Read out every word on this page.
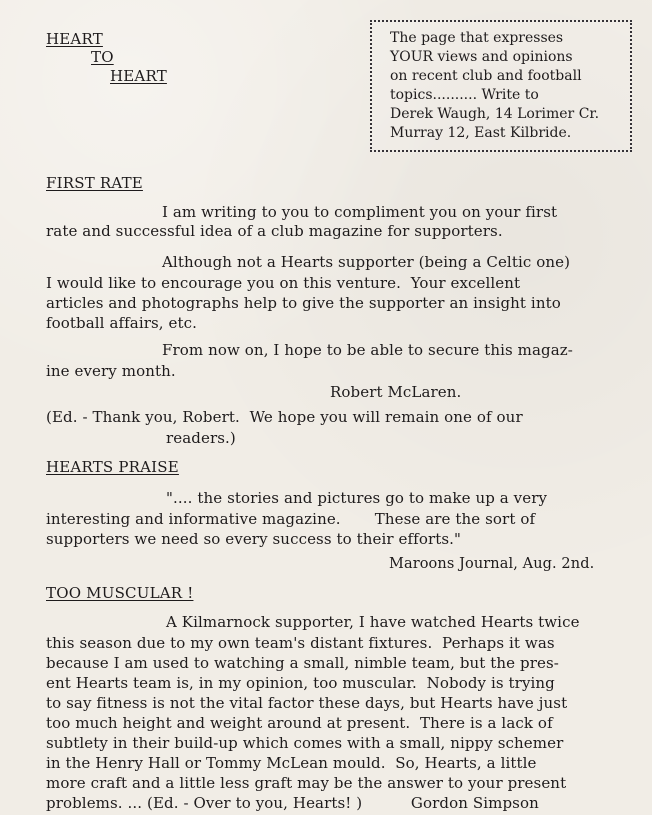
HEART
TO
HEART
The page that expresses
YOUR views and opinions
on recent club and football
topics.......... Write to
Derek Waugh, 14 Lorimer Cr.
Murray 12, East Kilbride.
FIRST RATE
I am writing to you to compliment you on your first
rate and successful idea of a club magazine for supporters.
Although not a Hearts supporter (being a Celtic one)
I would like to encourage you on this venture.  Your excellent
articles and photographs help to give the supporter an insight into
football affairs, etc.
From now on, I hope to be able to secure this magaz-
ine every month.
Robert McLaren.
(Ed. - Thank you, Robert.  We hope you will remain one of our
readers.)
HEARTS PRAISE
".... the stories and pictures go to make up a very
interesting and informative magazine.       These are the sort of
supporters we need so every success to their efforts."
Maroons Journal, Aug. 2nd.
TOO MUSCULAR !
A Kilmarnock supporter, I have watched Hearts twice
this season due to my own team's distant fixtures.  Perhaps it was
because I am used to watching a small, nimble team, but the pres-
ent Hearts team is, in my opinion, too muscular.  Nobody is trying
to say fitness is not the vital factor these days, but Hearts have just
too much height and weight around at present.  There is a lack of
subtlety in their build-up which comes with a small, nippy schemer
in the Henry Hall or Tommy McLean mould.  So, Hearts, a little
more craft and a little less graft may be the answer to your present
problems. ... (Ed. - Over to you, Hearts! )          Gordon Simpson
